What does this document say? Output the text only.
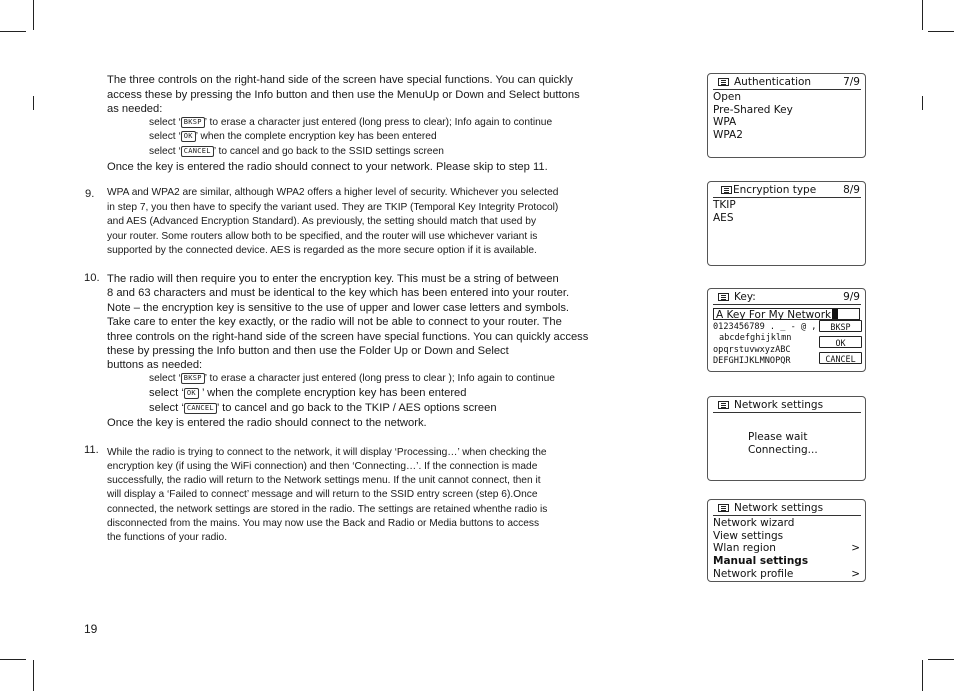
The three controls on the right-hand side of the screen have special functions. You can quickly
access these by pressing the Info button and then use the MenuUp or Down and Select buttons
as needed:
select ‘ BKSP ’ to erase a character just entered (long press to clear); Info again to continue
select ‘ OK ’ when the complete encryption key has been entered
select ‘ CANCEL ’ to cancel and go back to the SSID settings screen
Once the key is entered the radio should connect to your network. Please skip to step 11.
9. WPA and WPA2 are similar, although WPA2 offers a higher level of security. Whichever you selected
in step 7, you then have to specify the variant used. They are TKIP (Temporal Key Integrity Protocol)
and AES (Advanced Encryption Standard). As previously, the setting should match that used by
your router. Some routers allow both to be specified, and the router will use whichever variant is
supported by the connected device. AES is regarded as the more secure option if it is available.
10. The radio will then require you to enter the encryption key. This must be a string of between
8 and 63 characters and must be identical to the key which has been entered into your router.
Note – the encryption key is sensitive to the use of upper and lower case letters and symbols.
Take care to enter the key exactly, or the radio will not be able to connect to your router. The
three controls on the right-hand side of the screen have special functions. You can quickly access
these by pressing the Info button and then use the Folder Up or Down and Select
buttons as needed:
select ‘ BKSP ’ to erase a character just entered (long press to clear ); Info again to continue
select ‘ OK ’ when the complete encryption key has been entered
select ‘ CANCEL ’ to cancel and go back to the TKIP / AES options screen
Once the key is entered the radio should connect to the network.
11. While the radio is trying to connect to the network, it will display ‘Processing…’ when checking the
encryption key (if using the WiFi connection) and then ‘Connecting…’. If the connection is made
successfully, the radio will return to the Network settings menu. If the unit cannot connect, then it
will display a ‘Failed to connect’ message and will return to the SSID entry screen (step 6).Once
connected, the network settings are stored in the radio. The settings are retained whenthe radio is
disconnected from the mains. You may now use the Back and Radio or Media buttons to access
the functions of your radio.
19
Authentication	7/9
Open
Pre-Shared Key
WPA
WPA2
Encryption type	8/9
TKIP
AES
Key:	9/9
A Key For My Network
0123456789 . _ - @ ,
abcdefghijklmn
opqrstuvwxyzABC
DEFGHIJKLMNOPQR
BKSP
OK
CANCEL
Network settings
Please wait
Connecting...
Network settings
Network wizard
View settings
Wlan region	>
Manual settings
Network profile	>
